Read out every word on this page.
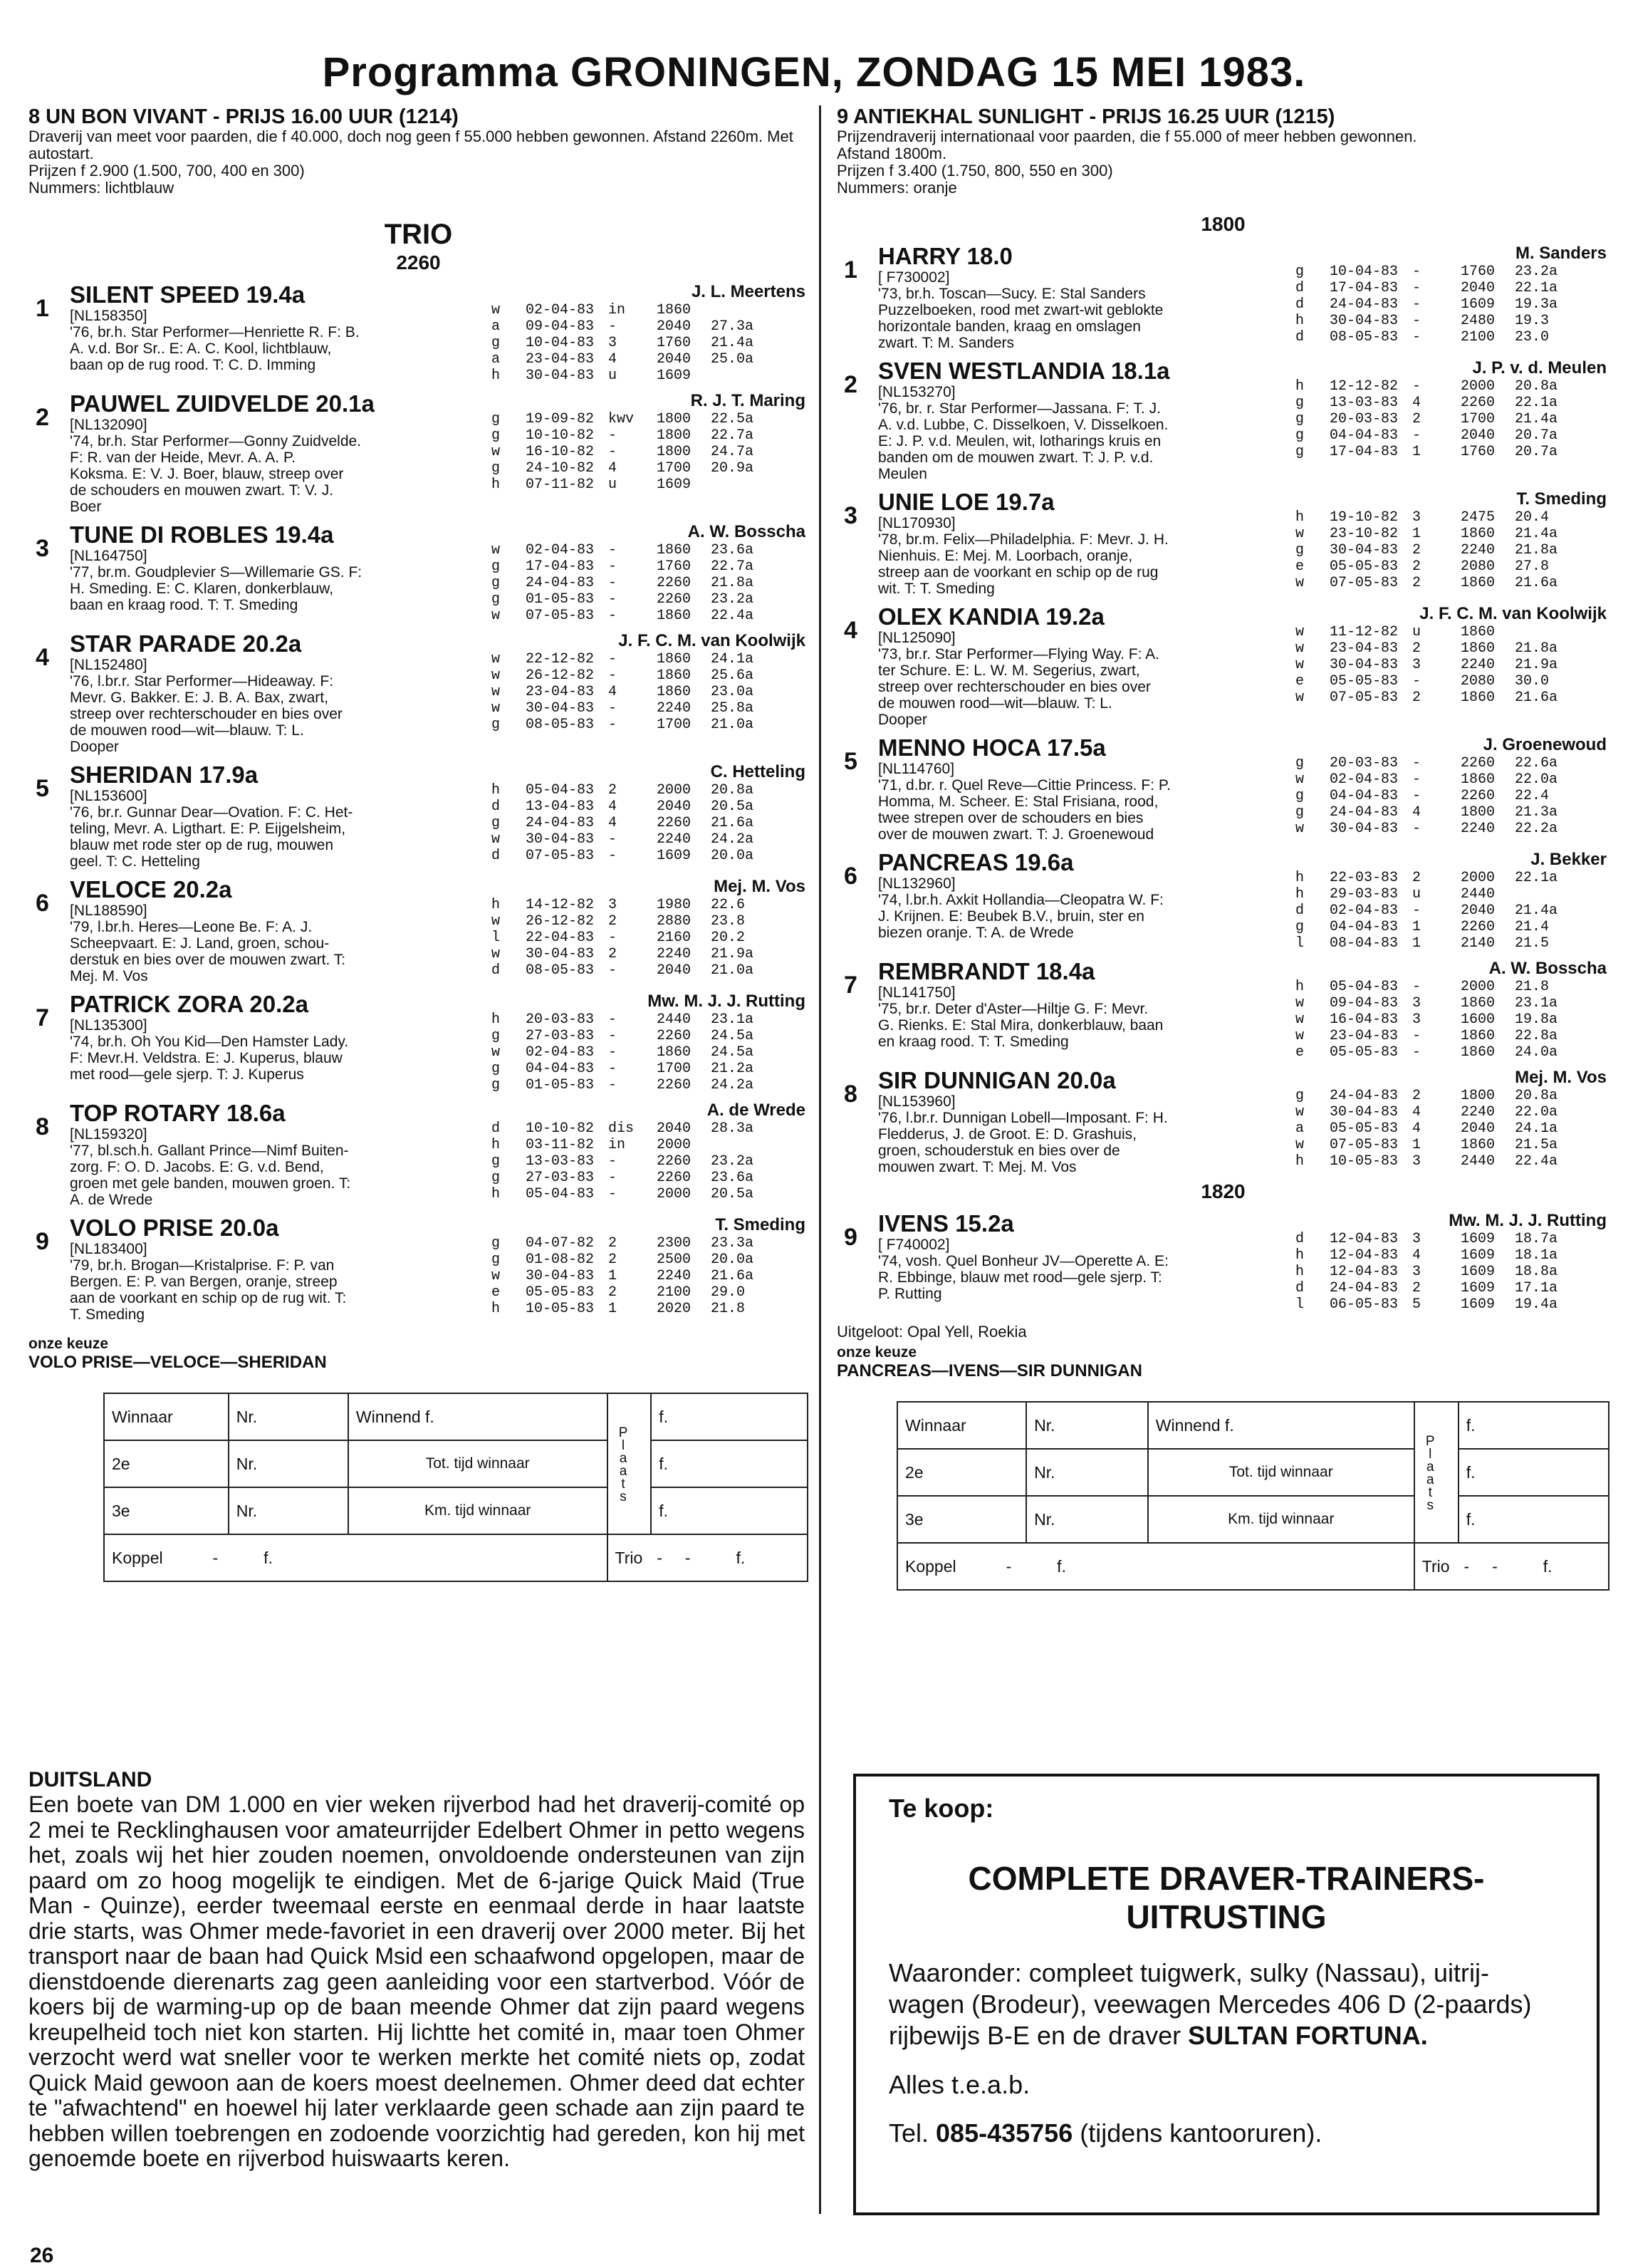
Programma GRONINGEN, ZONDAG 15 MEI 1983.
8 UN BON VIVANT - PRIJS 16.00 UUR (1214)
Draverij van meet voor paarden, die f 40.000, doch nog geen f 55.000 hebben gewonnen. Afstand 2260m. Met autostart.
Prijzen f 2.900 (1.500, 700, 400 en 300)
Nummers: lichtblauw
TRIO
2260
1
SILENT SPEED 19.4a
[NL158350]
'76, br.h. Star Performer—Henriette R. F: B.
A. v.d. Bor Sr.. E: A. C. Kool, lichtblauw,
baan op de rug rood. T: C. D. Imming
J. L. Meertens
w	02-04-83 in	1860
a	09-04-83 -	2040	27.3a
g	10-04-83 3	1760	21.4a
a	23-04-83 4	2040	25.0a
h	30-04-83 u	1609
2
PAUWEL ZUIDVELDE 20.1a
[NL132090]
'74, br.h. Star Performer—Gonny Zuidvelde.
F: R. van der Heide, Mevr. A. A. P.
Koksma. E: V. J. Boer, blauw, streep over
de schouders en mouwen zwart. T: V. J.
Boer
R. J. T. Maring
g	19-09-82 kwv	1800	22.5a
g	10-10-82 -	1800	22.7a
w	16-10-82 -	1800	24.7a
g	24-10-82 4	1700	20.9a
h	07-11-82 u	1609
3
TUNE DI ROBLES 19.4a
[NL164750]
'77, br.m. Goudplevier S—Willemarie GS. F:
H. Smeding. E: C. Klaren, donkerblauw,
baan en kraag rood. T: T. Smeding
A. W. Bosscha
w	02-04-83 -	1860	23.6a
g	17-04-83 -	1760	22.7a
g	24-04-83 -	2260	21.8a
g	01-05-83 -	2260	23.2a
w	07-05-83 -	1860	22.4a
4
STAR PARADE 20.2a
[NL152480]
'76, l.br.r. Star Performer—Hideaway. F:
Mevr. G. Bakker. E: J. B. A. Bax, zwart,
streep over rechterschouder en bies over
de mouwen rood—wit—blauw. T: L.
Dooper
J. F. C. M. van Koolwijk
w	22-12-82 -	1860	24.1a
w	26-12-82 -	1860	25.6a
w	23-04-83 4	1860	23.0a
w	30-04-83 -	2240	25.8a
g	08-05-83 -	1700	21.0a
5
SHERIDAN 17.9a
[NL153600]
'76, br.r. Gunnar Dear—Ovation. F: C. Het-
teling, Mevr. A. Ligthart. E: P. Eijgelsheim,
blauw met rode ster op de rug, mouwen
geel. T: C. Hetteling
C. Hetteling
h	05-04-83 2	2000	20.8a
d	13-04-83 4	2040	20.5a
g	24-04-83 4	2260	21.6a
w	30-04-83 -	2240	24.2a
d	07-05-83 -	1609	20.0a
6
VELOCE 20.2a
[NL188590]
'79, l.br.h. Heres—Leone Be. F: A. J.
Scheepvaart. E: J. Land, groen, schou-
derstuk en bies over de mouwen zwart. T:
Mej. M. Vos
Mej. M. Vos
h	14-12-82 3	1980	22.6
w	26-12-82 2	2880	23.8
l	22-04-83 -	2160	20.2
w	30-04-83 2	2240	21.9a
d	08-05-83 -	2040	21.0a
7
PATRICK ZORA 20.2a
[NL135300]
'74, br.h. Oh You Kid—Den Hamster Lady.
F: Mevr.H. Veldstra. E: J. Kuperus, blauw
met rood—gele sjerp. T: J. Kuperus
Mw. M. J. J. Rutting
h	20-03-83 -	2440	23.1a
g	27-03-83 -	2260	24.5a
w	02-04-83 -	1860	24.5a
g	04-04-83 -	1700	21.2a
g	01-05-83 -	2260	24.2a
8
TOP ROTARY 18.6a
[NL159320]
'77, bl.sch.h. Gallant Prince—Nimf Buiten-
zorg. F: O. D. Jacobs. E: G. v.d. Bend,
groen met gele banden, mouwen groen. T:
A. de Wrede
A. de Wrede
d	10-10-82 dis	2040	28.3a
h	03-11-82 in	2000
g	13-03-83 -	2260	23.2a
g	27-03-83 -	2260	23.6a
h	05-04-83 -	2000	20.5a
9
VOLO PRISE 20.0a
[NL183400]
'79, br.h. Brogan—Kristalprise. F: P. van
Bergen. E: P. van Bergen, oranje, streep
aan de voorkant en schip op de rug wit. T:
T. Smeding
T. Smeding
g	04-07-82 2	2300	23.3a
g	01-08-82 2	2500	20.0a
w	30-04-83 1	2240	21.6a
e	05-05-83 2	2100	29.0
h	10-05-83 1	2020	21.8
onze keuze
VOLO PRISE—VELOCE—SHERIDAN
Winnaar	Nr.	Winnend f.	Plaats	f.
2e	Nr.	Tot. tijd winnaar		f.
3e	Nr.	Km. tijd winnaar		f.
Koppel -          f.			Trio -     -          f.	
9 ANTIEKHAL SUNLIGHT - PRIJS 16.25 UUR (1215)
Prijzendraverij internationaal voor paarden, die f 55.000 of meer hebben gewonnen.
Afstand 1800m.
Prijzen f 3.400 (1.750, 800, 550 en 300)
Nummers: oranje
1800
1
HARRY 18.0
[ F730002]
'73, br.h. Toscan—Sucy. E: Stal Sanders
Puzzelboeken, rood met zwart-wit geblokte
horizontale banden, kraag en omslagen
zwart. T: M. Sanders
M. Sanders
g	10-04-83 -	1760	23.2a
d	17-04-83 -	2040	22.1a
d	24-04-83 -	1609	19.3a
h	30-04-83 -	2480	19.3
d	08-05-83 -	2100	23.0
2
SVEN WESTLANDIA 18.1a
[NL153270]
'76, br. r. Star Performer—Jassana. F: T. J.
A. v.d. Lubbe, C. Disselkoen, V. Disselkoen.
E: J. P. v.d. Meulen, wit, lotharings kruis en
banden om de mouwen zwart. T: J. P. v.d.
Meulen
J. P. v. d. Meulen
h	12-12-82 -	2000	20.8a
g	13-03-83 4	2260	22.1a
g	20-03-83 2	1700	21.4a
g	04-04-83 -	2040	20.7a
g	17-04-83 1	1760	20.7a
3
UNIE LOE 19.7a
[NL170930]
'78, br.m. Felix—Philadelphia. F: Mevr. J. H.
Nienhuis. E: Mej. M. Loorbach, oranje,
streep aan de voorkant en schip op de rug
wit. T: T. Smeding
T. Smeding
h	19-10-82 3	2475	20.4
w	23-10-82 1	1860	21.4a
g	30-04-83 2	2240	21.8a
e	05-05-83 2	2080	27.8
w	07-05-83 2	1860	21.6a
4
OLEX KANDIA 19.2a
[NL125090]
'73, br.r. Star Performer—Flying Way. F: A.
ter Schure. E: L. W. M. Segerius, zwart,
streep over rechterschouder en bies over
de mouwen rood—wit—blauw. T: L.
Dooper
J. F. C. M. van Koolwijk
w	11-12-82 u	1860
w	23-04-83 2	1860	21.8a
w	30-04-83 3	2240	21.9a
e	05-05-83 -	2080	30.0
w	07-05-83 2	1860	21.6a
5
MENNO HOCA 17.5a
[NL114760]
'71, d.br. r. Quel Reve—Cittie Princess. F: P.
Homma, M. Scheer. E: Stal Frisiana, rood,
twee strepen over de schouders en bies
over de mouwen zwart. T: J. Groenewoud
J. Groenewoud
g	20-03-83 -	2260	22.6a
w	02-04-83 -	1860	22.0a
g	04-04-83 -	2260	22.4
g	24-04-83 4	1800	21.3a
w	30-04-83 -	2240	22.2a
6
PANCREAS 19.6a
[NL132960]
'74, l.br.h. Axkit Hollandia—Cleopatra W. F:
J. Krijnen. E: Beubek B.V., bruin, ster en
biezen oranje. T: A. de Wrede
J. Bekker
h	22-03-83 2	2000	22.1a
h	29-03-83 u	2440
d	02-04-83 -	2040	21.4a
g	04-04-83 1	2260	21.4
l	08-04-83 1	2140	21.5
7
REMBRANDT 18.4a
[NL141750]
'75, br.r. Deter d'Aster—Hiltje G. F: Mevr.
G. Rienks. E: Stal Mira, donkerblauw, baan
en kraag rood. T: T. Smeding
A. W. Bosscha
h	05-04-83 -	2000	21.8
w	09-04-83 3	1860	23.1a
w	16-04-83 3	1600	19.8a
w	23-04-83 -	1860	22.8a
e	05-05-83 -	1860	24.0a
8
SIR DUNNIGAN 20.0a
[NL153960]
'76, l.br.r. Dunnigan Lobell—Imposant. F: H.
Fledderus, J. de Groot. E: D. Grashuis,
groen, schouderstuk en bies over de
mouwen zwart. T: Mej. M. Vos
Mej. M. Vos
g	24-04-83 2	1800	20.8a
w	30-04-83 4	2240	22.0a
a	05-05-83 4	2040	24.1a
w	07-05-83 1	1860	21.5a
h	10-05-83 3	2440	22.4a
1820
9
IVENS 15.2a
[ F740002]
'74, vosh. Quel Bonheur JV—Operette A. E:
R. Ebbinge, blauw met rood—gele sjerp. T:
P. Rutting
Mw. M. J. J. Rutting
d	12-04-83 3	1609	18.7a
h	12-04-83 4	1609	18.1a
h	12-04-83 3	1609	18.8a
d	24-04-83 2	1609	17.1a
l	06-05-83 5	1609	19.4a
Uitgeloot: Opal Yell, Roekia
onze keuze
PANCREAS—IVENS—SIR DUNNIGAN
Winnaar	Nr.	Winnend f.	Plaats	f.
2e	Nr.	Tot. tijd winnaar		f.
3e	Nr.	Km. tijd winnaar		f.
Koppel -          f.			Trio -     -          f.	
DUITSLAND
Een boete van DM 1.000 en vier weken rijverbod had het draverij-comité op 2 mei te Recklinghausen voor amateurrijder Edelbert Ohmer in petto wegens het, zoals wij het hier zouden noemen, onvoldoende ondersteunen van zijn paard om zo hoog mogelijk te eindigen. Met de 6-jarige Quick Maid (True Man - Quinze), eerder tweemaal eerste en eenmaal derde in haar laatste drie starts, was Ohmer mede-favoriet in een draverij over 2000 meter. Bij het transport naar de baan had Quick Msid een schaafwond opgelopen, maar de dienstdoende dierenarts zag geen aanleiding voor een startverbod. Vóór de koers bij de warming-up op de baan meende Ohmer dat zijn paard wegens kreupelheid toch niet kon starten. Hij lichtte het comité in, maar toen Ohmer verzocht werd wat sneller voor te werken merkte het comité niets op, zodat Quick Maid gewoon aan de koers moest deelnemen. Ohmer deed dat echter te "afwachtend" en hoewel hij later verklaarde geen schade aan zijn paard te hebben willen toebrengen en zodoende voorzichtig had gereden, kon hij met genoemde boete en rijverbod huiswaarts keren.
Te koop:
COMPLETE DRAVER-TRAINERS-UITRUSTING
Waaronder: compleet tuigwerk, sulky (Nassau), uitrij-wagen (Brodeur), veewagen Mercedes 406 D (2-paards) rijbewijs B-E en de draver SULTAN FORTUNA.
Alles t.e.a.b.
Tel. 085-435756 (tijdens kantooruren).
26
